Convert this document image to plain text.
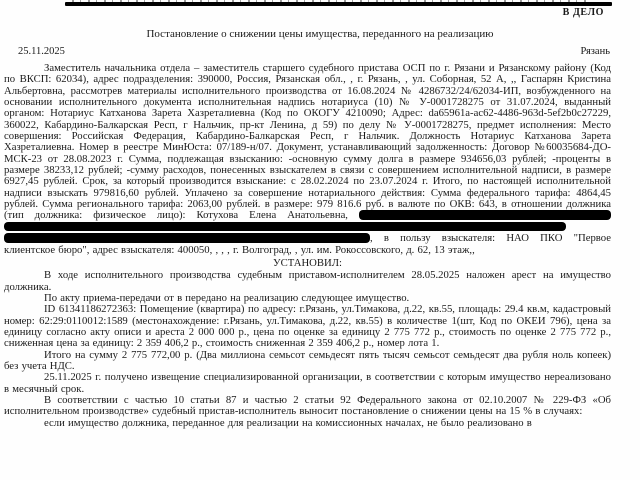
В ДЕЛО
Постановление о снижении цены имущества, переданного на реализацию
25.11.2025	Рязань

Заместитель начальника отдела – заместитель старшего судебного пристава ОСП по г. Рязани и Рязанскому району (Код по ВКСП: 62034), адрес подразделения: 390000, Россия, Рязанская обл., , г. Рязань, , ул. Соборная, 52 А, ,, Гаспарян Кристина Альбертовна, рассмотрев материалы исполнительного производства от 16.08.2024 № 4286732/24/62034-ИП, возбужденного на основании исполнительного документа исполнительная надпись нотариуса (10) № У-0001728275 от 31.07.2024, выданный органом: Нотариус Катханова Зарета Хазреталиевна (Код по ОКОГУ 4210090; Адрес: da65961a-ac62-4486-963d-5ef2b0c27229, 360022, Кабардино-Балкарская Респ, г Нальчик, пр-кт Ленина, д 59) по делу № У-0001728275, предмет исполнения: Место совершения: Российская Федерация, Кабардино-Балкарская Респ, г Нальчик. Должность Нотариус Катханова Зарета Хазреталиевна. Номер в реестре МинЮста: 07/189-н/07. Документ, устанавливающий задолженность: Договор №60035684-ДО-МСК-23 от 28.08.2023 г. Сумма, подлежащая взысканию: -основную сумму долга в размере 934656,03 рублей; -проценты в размере 38233,12 рублей; -сумму расходов, понесенных взыскателем в связи с совершением исполнительной надписи, в размере 6927,45 рублей. Срок, за который производится взыскание: с 28.02.2024 по 23.07.2024 г. Итого, по настоящей исполнительной надписи взыскать 979816,60 рублей. Уплачено за совершение нотариального действия: Сумма федерального тарифа: 4864,45 рублей. Сумма регионального тарифа: 2063,00 рублей. в размере: 979 816.6 руб. в валюте по ОКВ: 643, в отношении должника (тип должника: физическое лицо): Котухова Елена Анатольевна,   , в пользу взыскателя: НАО ПКО "Первое клиентское бюро", адрес взыскателя: 400050, , , , г. Волгоград, , ул. им. Рокоссовского, д. 62, 13 этаж,,

УСТАНОВИЛ:

В ходе исполнительного производства судебным приставом-исполнителем 28.05.2025 наложен арест на имущество должника.

По акту приема-передачи от в передано на реализацию следующее имущество.

ID 61341186272363: Помещение (квартира) по адресу: г.Рязань, ул.Тимакова, д.22, кв.55, площадь: 29.4 кв.м, кадастровый номер: 62:29:0110012:1589 (местонахождение: г.Рязань, ул.Тимакова, д.22, кв.55) в количестве 1(шт, Код по ОКЕИ 796), цена за единицу согласно акту описи и ареста 2 000 000 р., цена по оценке за единицу 2 775 772 р., стоимость по оценке 2 775 772 р., сниженная цена за единицу: 2 359 406,2 р., стоимость сниженная 2 359 406,2 р., номер лота 1.

Итого на сумму 2 775 772,00 р. (Два миллиона семьсот семьдесят пять тысяч семьсот семьдесят два рубля ноль копеек) без учета НДС.

25.11.2025 г. получено извещение специализированной организации, в соответствии с которым имущество нереализовано в месячный срок.

В соответствии с частью 10 статьи 87 и частью 2 статьи 92 Федерального закона от 02.10.2007 № 229-ФЗ «Об исполнительном производстве» судебный пристав-исполнитель выносит постановление о снижении цены на 15 % в случаях:

если имущество должника, переданное для реализации на комиссионных началах, не было реализовано в
